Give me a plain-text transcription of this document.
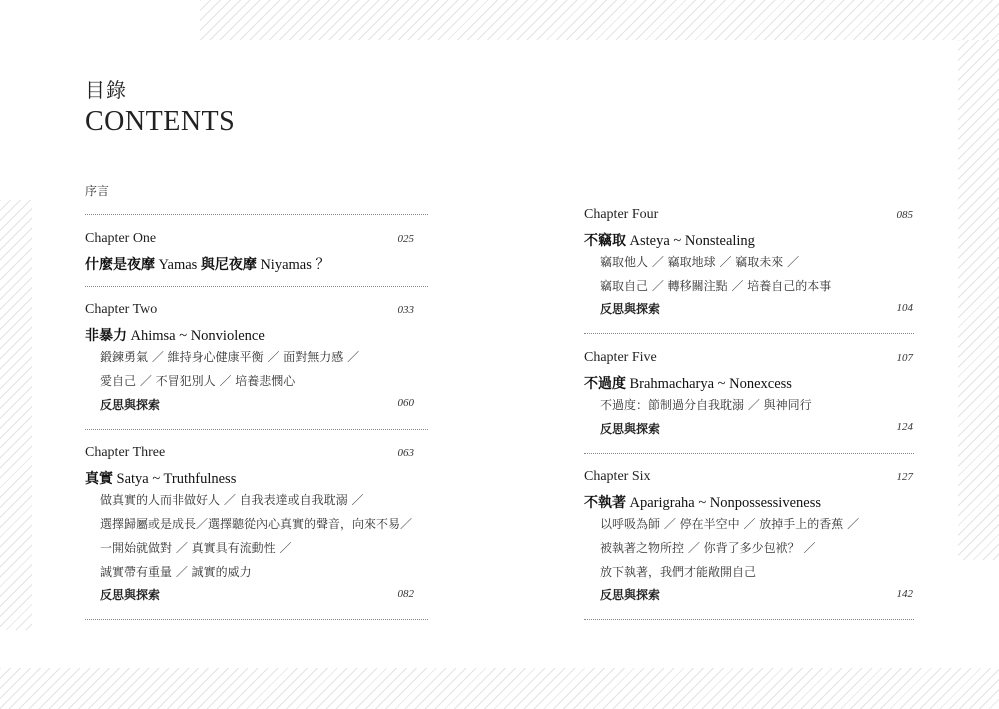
目錄
CONTENTS
序言
Chapter One	025
什麼是夜摩 Yamas 與尼夜摩 Niyamas ？
Chapter Two	033
非暴力 Ahimsa ~ Nonviolence
鍛鍊勇氣 ／ 維持身心健康平衡 ／ 面對無力感 ／
愛自己 ／ 不冒犯別人 ／ 培養悲憫心
反思與探索	060
Chapter Three	063
真實 Satya ~ Truthfulness
做真實的人而非做好人 ／ 自我表達或自我耽溺 ／
選擇歸屬或是成長／選擇聽從內心真實的聲音，向來不易／
一開始就做對 ／ 真實具有流動性 ／
誠實帶有重量 ／ 誠實的威力
反思與探索	082
Chapter Four	085
不竊取 Asteya ~ Nonstealing
竊取他人 ／ 竊取地球 ／ 竊取未來 ／
竊取自己 ／ 轉移關注點 ／ 培養自己的本事
反思與探索	104
Chapter Five	107
不過度 Brahmacharya ~ Nonexcess
不過度：節制過分自我耽溺 ／ 與神同行
反思與探索	124
Chapter Six	127
不執著 Aparigraha ~ Nonpossessiveness
以呼吸為師 ／ 停在半空中 ／ 放掉手上的香蕉 ／
被執著之物所控 ／ 你背了多少包袱？ ／
放下執著，我們才能敞開自己
反思與探索	142
